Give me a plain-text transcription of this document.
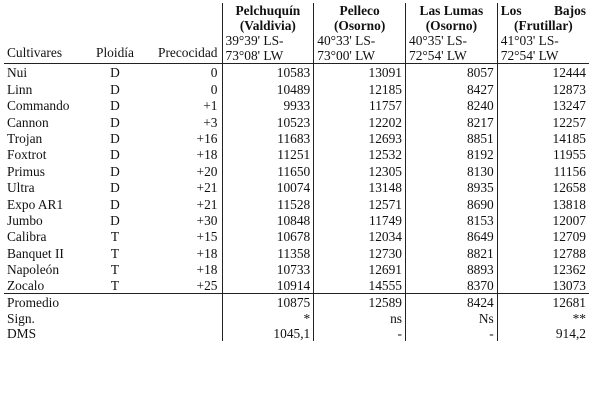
Cultivares	Ploidía	Precocidad	Pelchuquín
(Valdivia)
39°39' LS-
73°08' LW	Pelleco
(Osorno)
40°33' LS-
73°00' LW	Las Lumas
(Osorno)
40°35' LS-
72°54' LW	Los Bajos
(Frutillar)
41°03' LS-
72°54' LW

Nui	D	0	10583	13091	8057	12444
Linn	D	0	10489	12185	8427	12873
Commando	D	+1	9933	11757	8240	13247
Cannon	D	+3	10523	12202	8217	12257
Trojan	D	+16	11683	12693	8851	14185
Foxtrot	D	+18	11251	12532	8192	11955
Primus	D	+20	11650	12305	8130	11156
Ultra	D	+21	10074	13148	8935	12658
Expo AR1	D	+21	11528	12571	8690	13818
Jumbo	D	+30	10848	11749	8153	12007
Calibra	T	+15	10678	12034	8649	12709
Banquet II	T	+18	11358	12730	8821	12788
Napoleón	T	+18	10733	12691	8893	12362
Zocalo	T	+25	10914	14555	8370	13073
Promedio			10875	12589	8424	12681
Sign.			*	ns	Ns	**
DMS			1045,1	-	-	914,2
